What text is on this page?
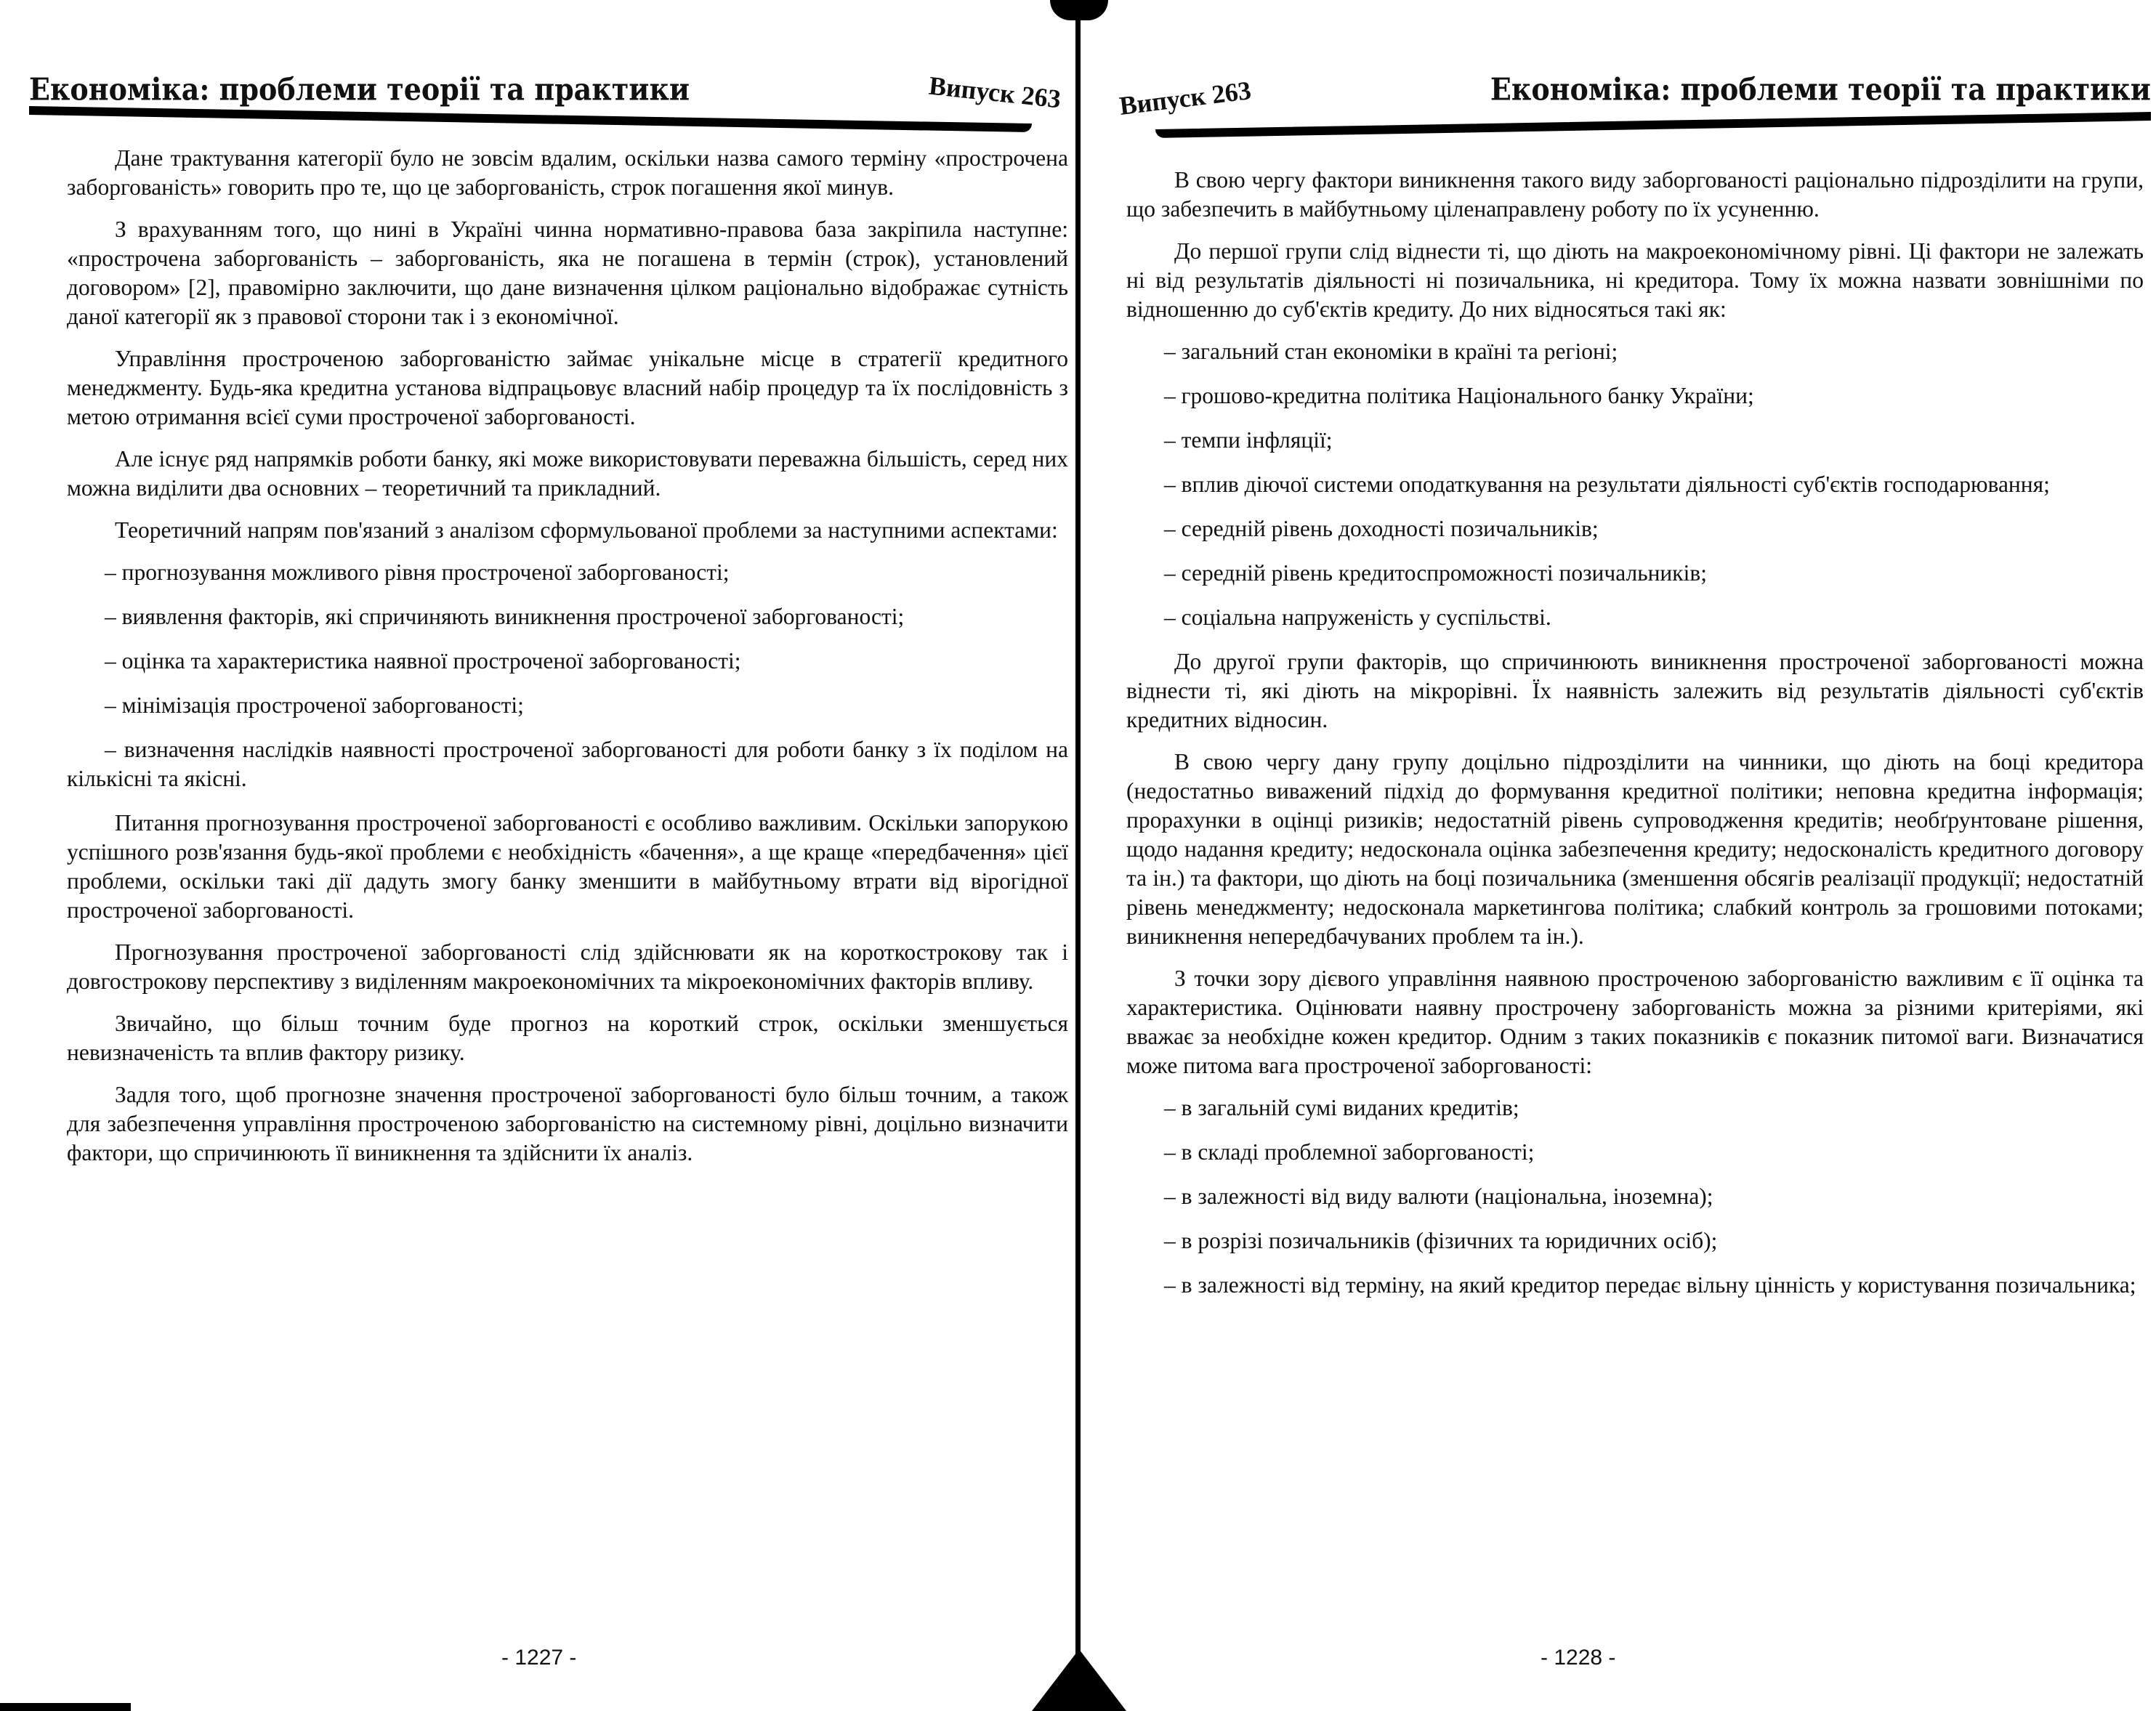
Економіка: проблеми теорії та практики	Випуск 263

Дане трактування категорії було не зовсім вдалим, оскільки назва самого терміну «прострочена заборгованість» говорить про те, що це заборгованість, строк погашення якої минув.

З врахуванням того, що нині в Україні чинна нормативно-правова база закріпила наступне: «прострочена заборгованість – заборгованість, яка не погашена в термін (строк), установлений договором» [2], правомірно заключити, що дане визначення цілком раціонально відображає сутність даної категорії як з правової сторони так і з економічної.

Управління простроченою заборгованістю займає унікальне місце в стратегії кредитного менеджменту. Будь-яка кредитна установа відпрацьовує власний набір процедур та їх послідовність з метою отримання всієї суми простроченої заборгованості.

Але існує ряд напрямків роботи банку, які може використовувати переважна більшість, серед них можна виділити два основних – теоретичний та прикладний.

Теоретичний напрям пов'язаний з аналізом сформульованої проблеми за наступними аспектами:

– прогнозування можливого рівня простроченої заборгованості;

– виявлення факторів, які спричиняють виникнення простроченої заборгованості;

– оцінка та характеристика наявної простроченої заборгованості;

– мінімізація простроченої заборгованості;

– визначення наслідків наявності простроченої заборгованості для роботи банку з їх поділом на кількісні та якісні.

Питання прогнозування простроченої заборгованості є особливо важливим. Оскільки запорукою успішного розв'язання будь-якої проблеми є необхідність «бачення», а ще краще «передбачення» цієї проблеми, оскільки такі дії дадуть змогу банку зменшити в майбутньому втрати від вірогідної простроченої заборгованості.

Прогнозування простроченої заборгованості слід здійснювати як на короткострокову так і довгострокову перспективу з виділенням макроекономічних та мікроекономічних факторів впливу.

Звичайно, що більш точним буде прогноз на короткий строк, оскільки зменшується невизначеність та вплив фактору ризику.

Задля того, щоб прогнозне значення простроченої заборгованості було більш точним, а також для забезпечення управління простроченою заборгованістю на системному рівні, доцільно визначити фактори, що спричинюють її виникнення та здійснити їх аналіз.

- 1227 -
Випуск 263	Економіка: проблеми теорії та практики

В свою чергу фактори виникнення такого виду заборгованості раціонально підрозділити на групи, що забезпечить в майбутньому ціленаправлену роботу по їх усуненню.

До першої групи слід віднести ті, що діють на макроекономічному рівні. Ці фактори не залежать ні від результатів діяльності ні позичальника, ні кредитора. Тому їх можна назвати зовнішніми по відношенню до суб'єктів кредиту. До них відносяться такі як:

– загальний стан економіки в країні та регіоні;

– грошово-кредитна політика Національного банку України;

– темпи інфляції;

– вплив діючої системи оподаткування на результати діяльності суб'єктів господарювання;

– середній рівень доходності позичальників;

– середній рівень кредитоспроможності позичальників;

– соціальна напруженість у суспільстві.

До другої групи факторів, що спричинюють виникнення простроченої заборгованості можна віднести ті, які діють на мікрорівні. Їх наявність залежить від результатів діяльності суб'єктів кредитних відносин.

В свою чергу дану групу доцільно підрозділити на чинники, що діють на боці кредитора (недостатньо виважений підхід до формування кредитної політики; неповна кредитна інформація; прорахунки в оцінці ризиків; недостатній рівень супроводження кредитів; необґрунтоване рішення, щодо надання кредиту; недосконала оцінка забезпечення кредиту; недосконалість кредитного договору та ін.) та фактори, що діють на боці позичальника (зменшення обсягів реалізації продукції; недостатній рівень менеджменту; недосконала маркетингова політика; слабкий контроль за грошовими потоками; виникнення непередбачуваних проблем та ін.).

З точки зору дієвого управління наявною простроченою заборгованістю важливим є її оцінка та характеристика. Оцінювати наявну прострочену заборгованість можна за різними критеріями, які вважає за необхідне кожен кредитор. Одним з таких показників є показник питомої ваги. Визначатися може питома вага простроченої заборгованості:

– в загальній сумі виданих кредитів;

– в складі проблемної заборгованості;

– в залежності від виду валюти (національна, іноземна);

– в розрізі позичальників (фізичних та юридичних осіб);

– в залежності від терміну, на який кредитор передає вільну цінність у користування позичальника;

- 1228 -
